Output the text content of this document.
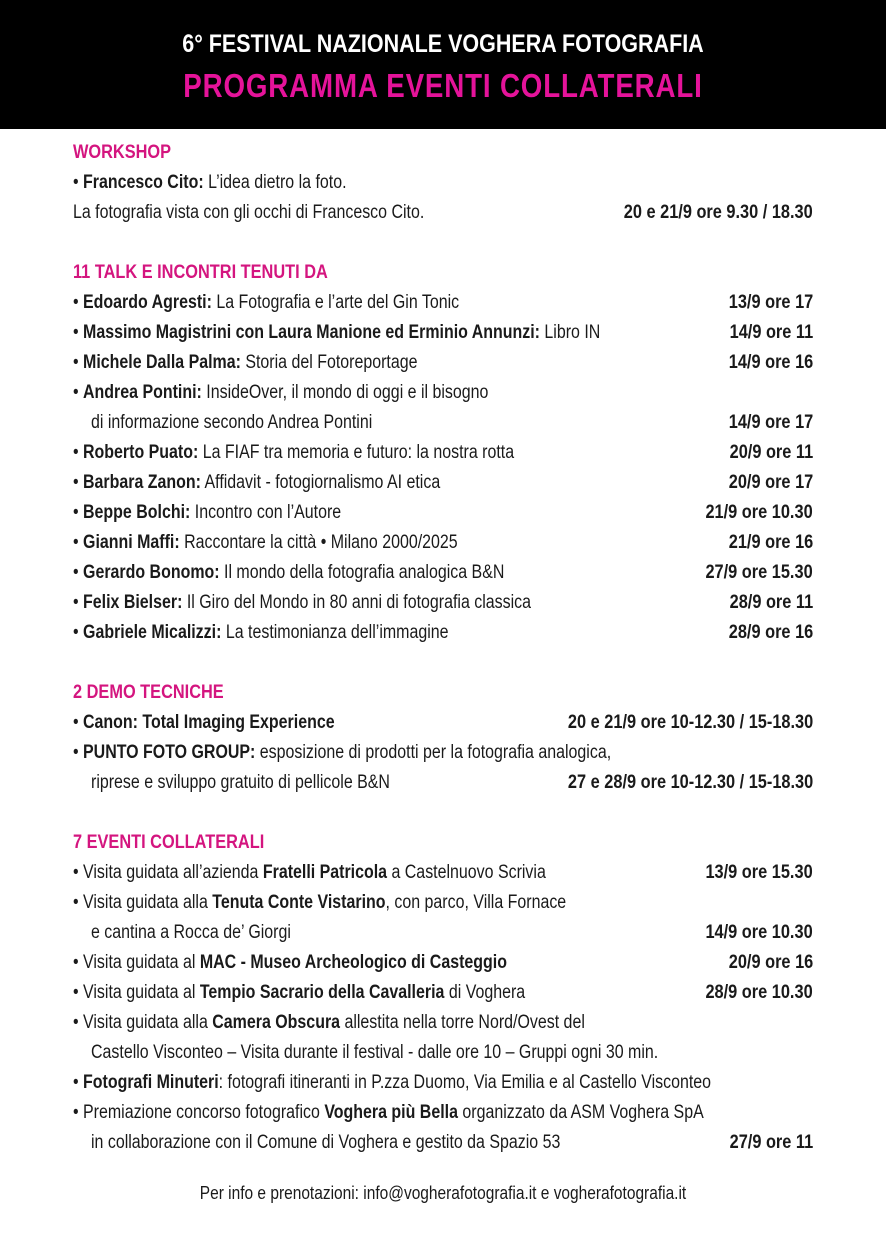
6° FESTIVAL NAZIONALE VOGHERA FOTOGRAFIA
PROGRAMMA EVENTI COLLATERALI
WORKSHOP
• Francesco Cito: L’idea dietro la foto.
La fotografia vista con gli occhi di Francesco Cito.	20 e 21/9 ore 9.30 / 18.30
11 TALK E INCONTRI TENUTI DA
• Edoardo Agresti: La Fotografia e l’arte del Gin Tonic	13/9 ore 17
• Massimo Magistrini con Laura Manione ed Erminio Annunzi: Libro IN	14/9 ore 11
• Michele Dalla Palma: Storia del Fotoreportage	14/9 ore 16
• Andrea Pontini: InsideOver, il mondo di oggi e il bisogno
di informazione secondo Andrea Pontini	14/9 ore 17
• Roberto Puato: La FIAF tra memoria e futuro: la nostra rotta	20/9 ore 11
• Barbara Zanon: Affidavit - fotogiornalismo AI etica	20/9 ore 17
• Beppe Bolchi: Incontro con l’Autore	21/9 ore 10.30
• Gianni Maffi: Raccontare la città • Milano 2000/2025	21/9 ore 16
• Gerardo Bonomo: Il mondo della fotografia analogica B&N	27/9 ore 15.30
• Felix Bielser: Il Giro del Mondo in 80 anni di fotografia classica	28/9 ore 11
• Gabriele Micalizzi: La testimonianza dell’immagine	28/9 ore 16
2 DEMO TECNICHE
• Canon: Total Imaging Experience	20 e 21/9 ore 10-12.30 / 15-18.30
• PUNTO FOTO GROUP: esposizione di prodotti per la fotografia analogica,
riprese e sviluppo gratuito di pellicole B&N	27 e 28/9 ore 10-12.30 / 15-18.30
7 EVENTI COLLATERALI
• Visita guidata all’azienda Fratelli Patricola a Castelnuovo Scrivia	13/9 ore 15.30
• Visita guidata alla Tenuta Conte Vistarino, con parco, Villa Fornace
e cantina a Rocca de’ Giorgi	14/9 ore 10.30
• Visita guidata al MAC - Museo Archeologico di Casteggio	20/9 ore 16
• Visita guidata al Tempio Sacrario della Cavalleria di Voghera	28/9 ore 10.30
• Visita guidata alla Camera Obscura allestita nella torre Nord/Ovest del
Castello Visconteo – Visita durante il festival - dalle ore 10 – Gruppi ogni 30 min.
• Fotografi Minuteri: fotografi itineranti in P.zza Duomo, Via Emilia e al Castello Visconteo
• Premiazione concorso fotografico Voghera più Bella organizzato da ASM Voghera SpA
in collaborazione con il Comune di Voghera e gestito da Spazio 53	27/9 ore 11
Per info e prenotazioni: info@vogherafotografia.it e vogherafotografia.it
